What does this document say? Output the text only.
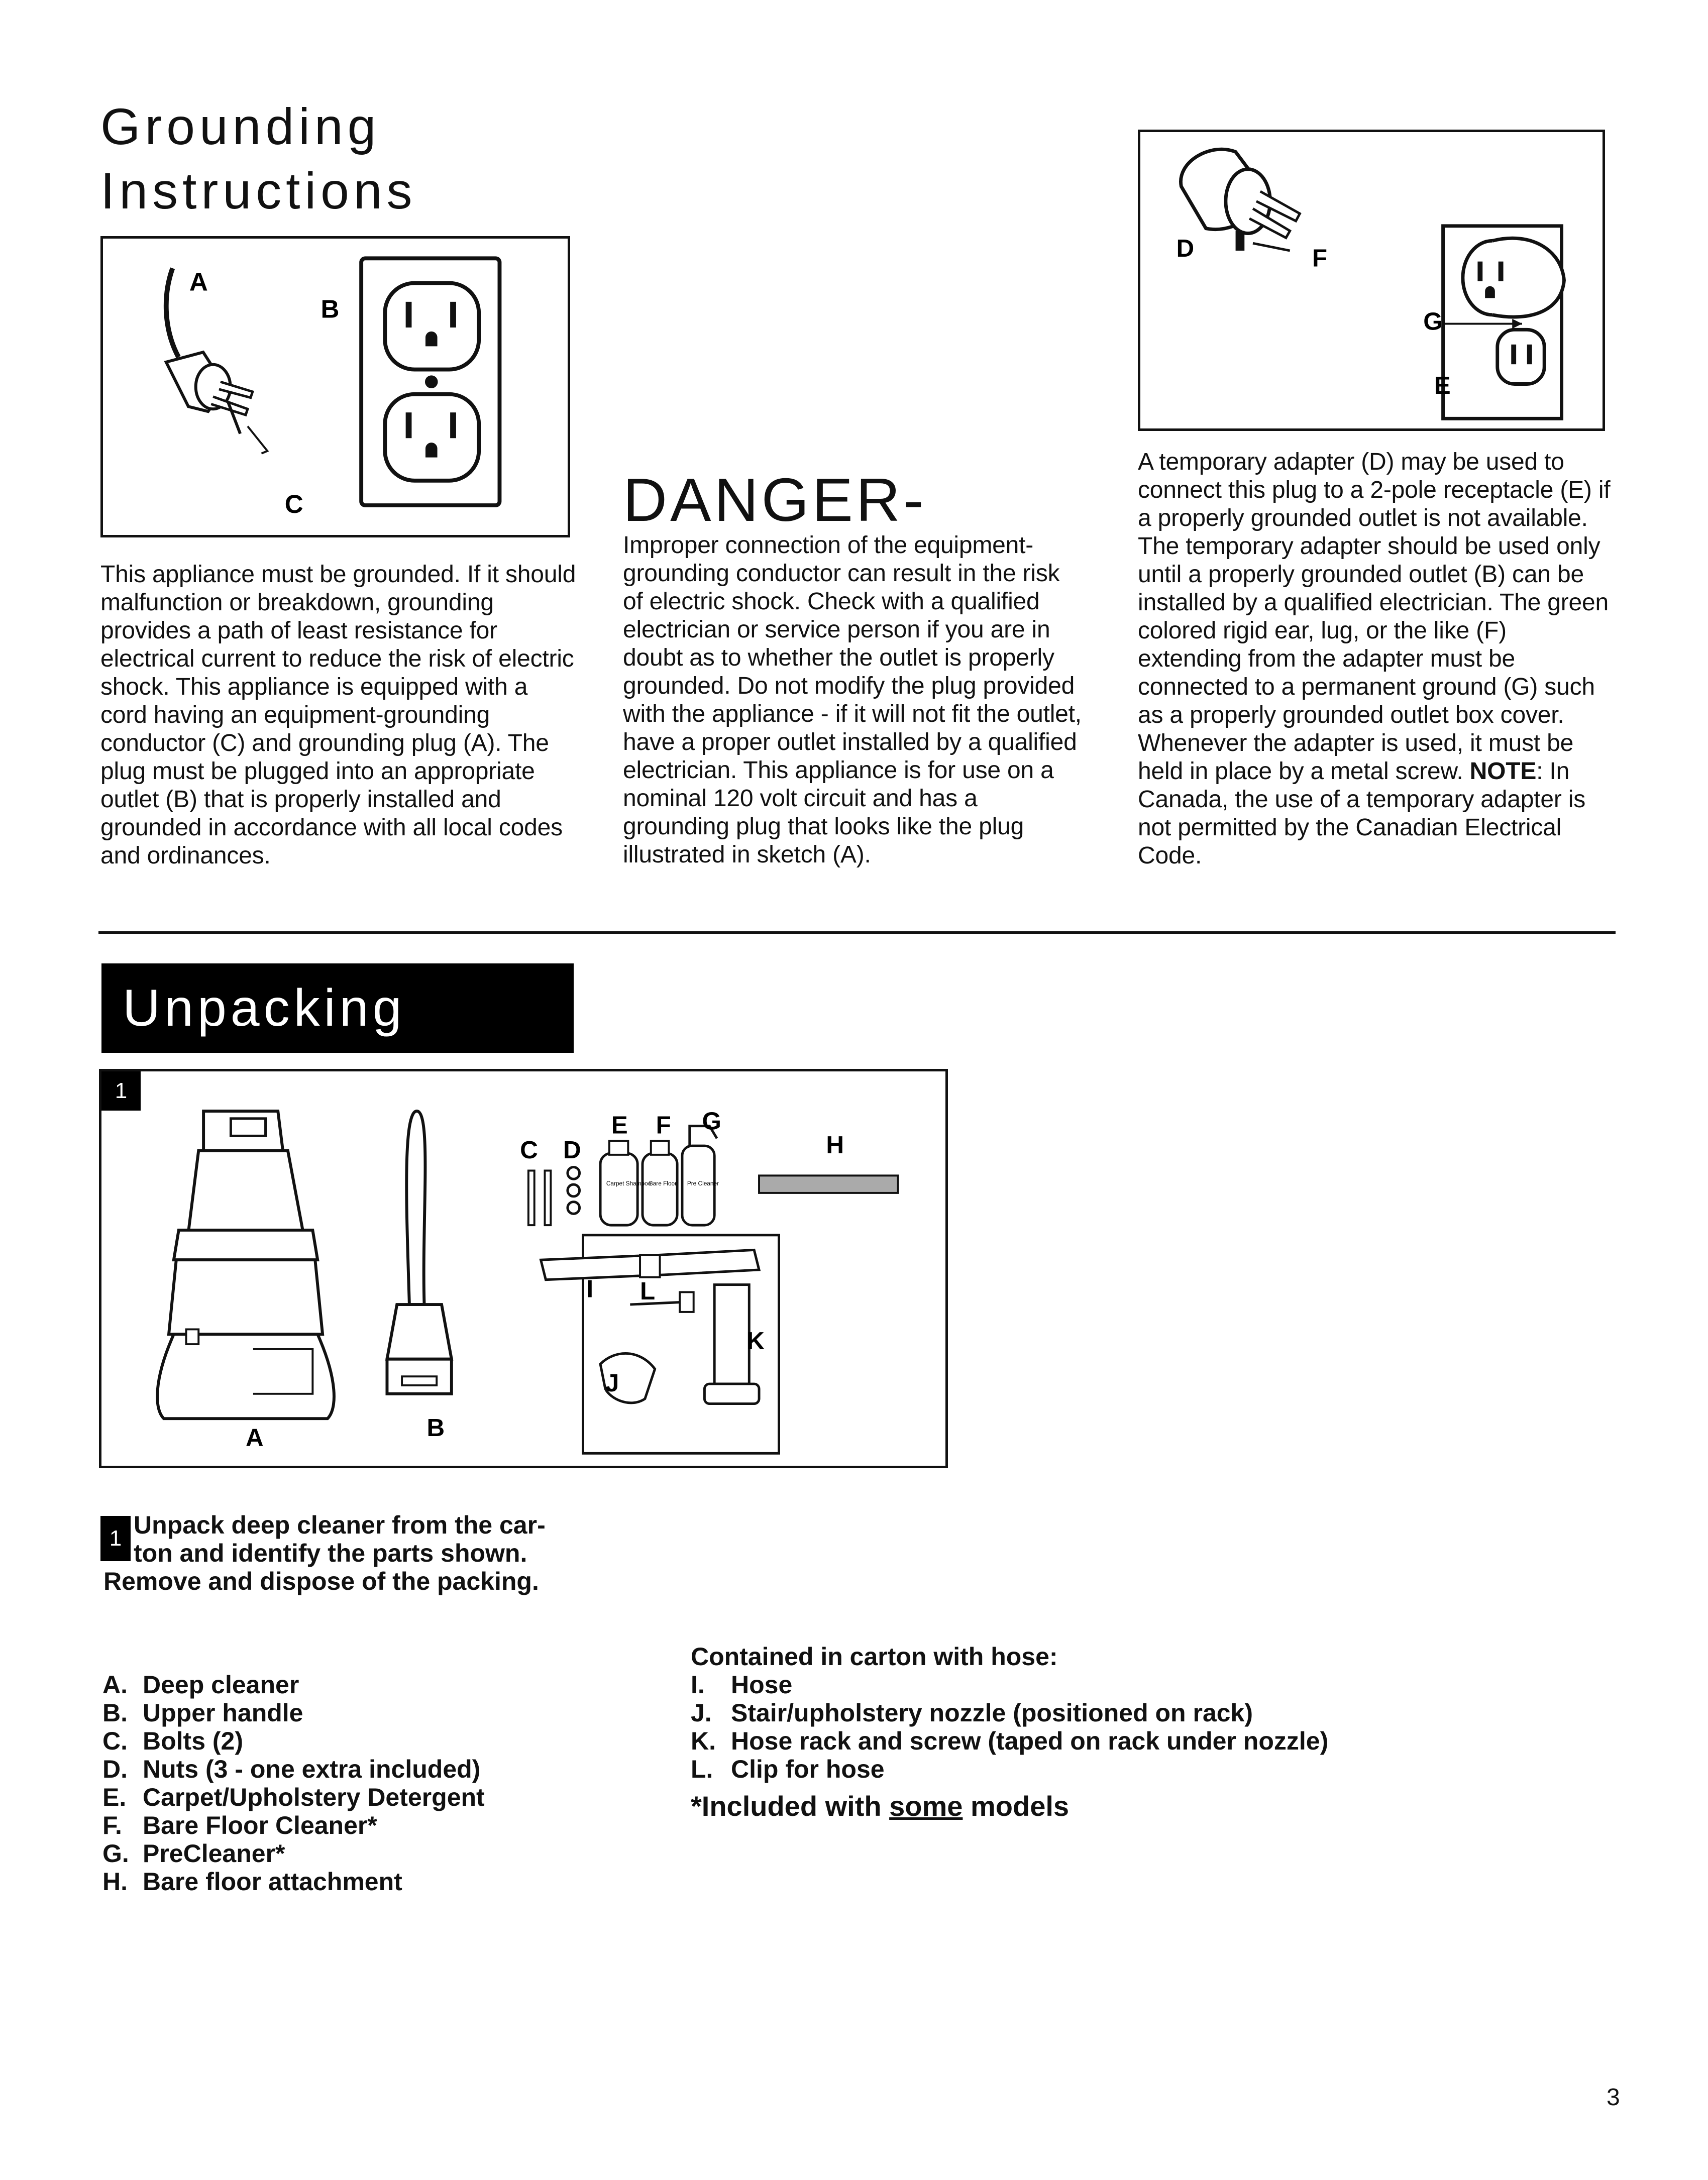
Grounding
Instructions
A
B
C
D	F
G
E
This appliance must be grounded. If it should malfunction or breakdown, grounding provides a path of least resistance for electrical current to reduce the risk of electric shock. This appliance is equipped with a cord having an equipment-grounding conductor (C) and grounding plug (A). The plug must be plugged into an appropriate outlet (B) that is properly installed and grounded in accordance with all local codes and ordinances.
DANGER-
Improper connection of the equipment-grounding conductor can result in the risk of electric shock. Check with a qualified electrician or service person if you are in doubt as to whether the outlet is properly grounded. Do not modify the plug provided with the appliance - if it will not fit the outlet, have a proper outlet installed by a qualified electrician. This appliance is for use on a nominal 120 volt circuit and has a grounding plug that looks like the plug illustrated in sketch (A).
A temporary adapter (D) may be used to connect this plug to a 2-pole receptacle (E) if a properly grounded outlet is not available. The temporary adapter should be used only until a properly grounded outlet (B) can be installed by a qualified electrician. The green colored rigid ear, lug, or the like (F) extending from the adapter must be connected to a permanent ground (G) such as a properly grounded outlet box cover. Whenever the adapter is used, it must be held in place by a metal screw. NOTE: In Canada, the use of a temporary adapter is not permitted by the Canadian Electrical Code.
Unpacking
1
Carpet Shampoo
Bare Floor Pre Cleaner
A	B
C D
E F G
H
I L
K
J
1 Unpack deep cleaner from the car-
ton and identify the parts shown.
Remove and dispose of the packing.
A. Deep cleaner
B. Upper handle
C. Bolts (2)
D. Nuts (3 - one extra included)
E. Carpet/Upholstery Detergent
F. Bare Floor Cleaner*
G. PreCleaner*
H. Bare floor attachment
Contained in carton with hose:
I.	Hose
J. Stair/upholstery nozzle (positioned on rack)
K. Hose rack and screw (taped on rack under nozzle)
L. Clip for hose
*Included with some models
3
